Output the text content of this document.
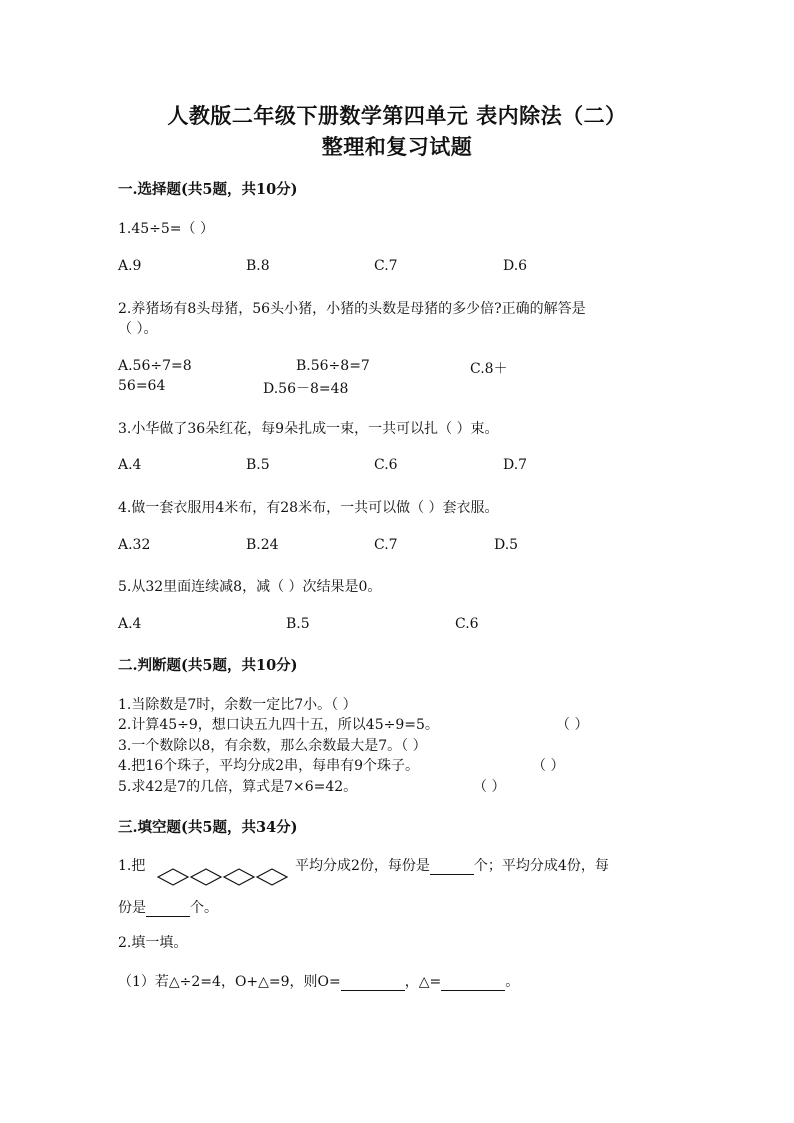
人教版二年级下册数学第四单元 表内除法（二）
整理和复习试题
一.选择题(共5题，共10分)
1.45÷5=（ ）
A.9	B.8	C.7	D.6
2.养猪场有8头母猪，56头小猪，小猪的头数是母猪的多少倍?正确的解答是
（ ）。
A.56÷7=8	B.56÷8=7	C.8＋
56=64	D.56－8=48
3.小华做了36朵红花，每9朵扎成一束，一共可以扎（ ）束。
A.4	B.5	C.6	D.7
4.做一套衣服用4米布，有28米布，一共可以做（ ）套衣服。
A.32	B.24	C.7	D.5
5.从32里面连续减8，减（ ）次结果是0。
A.4	B.5	C.6
二.判断题(共5题，共10分)
1.当除数是7时，余数一定比7小。（ ）
2.计算45÷9，想口诀五九四十五，所以45÷9=5。	（ ）
3.一个数除以8，有余数，那么余数最大是7。（ ）
4.把16个珠子，平均分成2串，每串有9个珠子。	（ ）
5.求42是7的几倍，算式是7×6=42。	（ ）
三.填空题(共5题，共34分)
1.把	平均分成2份，每份是	个；平均分成4份，每
份是	个。
2.填一填。
（1）若△÷2=4，O+△=9，则O=	，△=	。
